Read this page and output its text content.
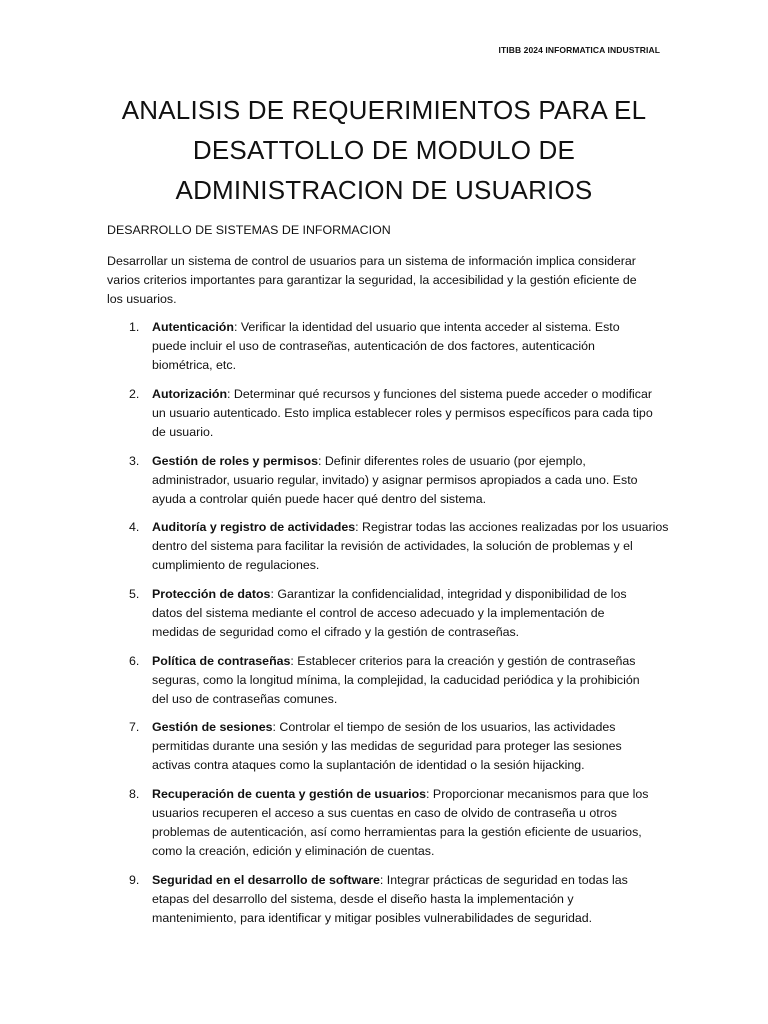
ITIBB 2024 INFORMATICA INDUSTRIAL
ANALISIS DE REQUERIMIENTOS PARA EL
DESATTOLLO DE MODULO DE
ADMINISTRACION DE USUARIOS
DESARROLLO DE SISTEMAS DE INFORMACION

Desarrollar un sistema de control de usuarios para un sistema de información implica considerar
varios criterios importantes para garantizar la seguridad, la accesibilidad y la gestión eficiente de
los usuarios.

1. Autenticación: Verificar la identidad del usuario que intenta acceder al sistema. Esto
puede incluir el uso de contraseñas, autenticación de dos factores, autenticación
biométrica, etc.
2. Autorización: Determinar qué recursos y funciones del sistema puede acceder o modificar
un usuario autenticado. Esto implica establecer roles y permisos específicos para cada tipo
de usuario.
3. Gestión de roles y permisos: Definir diferentes roles de usuario (por ejemplo,
administrador, usuario regular, invitado) y asignar permisos apropiados a cada uno. Esto
ayuda a controlar quién puede hacer qué dentro del sistema.
4. Auditoría y registro de actividades: Registrar todas las acciones realizadas por los usuarios
dentro del sistema para facilitar la revisión de actividades, la solución de problemas y el
cumplimiento de regulaciones.
5. Protección de datos: Garantizar la confidencialidad, integridad y disponibilidad de los
datos del sistema mediante el control de acceso adecuado y la implementación de
medidas de seguridad como el cifrado y la gestión de contraseñas.
6. Política de contraseñas: Establecer criterios para la creación y gestión de contraseñas
seguras, como la longitud mínima, la complejidad, la caducidad periódica y la prohibición
del uso de contraseñas comunes.
7. Gestión de sesiones: Controlar el tiempo de sesión de los usuarios, las actividades
permitidas durante una sesión y las medidas de seguridad para proteger las sesiones
activas contra ataques como la suplantación de identidad o la sesión hijacking.
8. Recuperación de cuenta y gestión de usuarios: Proporcionar mecanismos para que los
usuarios recuperen el acceso a sus cuentas en caso de olvido de contraseña u otros
problemas de autenticación, así como herramientas para la gestión eficiente de usuarios,
como la creación, edición y eliminación de cuentas.
9. Seguridad en el desarrollo de software: Integrar prácticas de seguridad en todas las
etapas del desarrollo del sistema, desde el diseño hasta la implementación y
mantenimiento, para identificar y mitigar posibles vulnerabilidades de seguridad.
